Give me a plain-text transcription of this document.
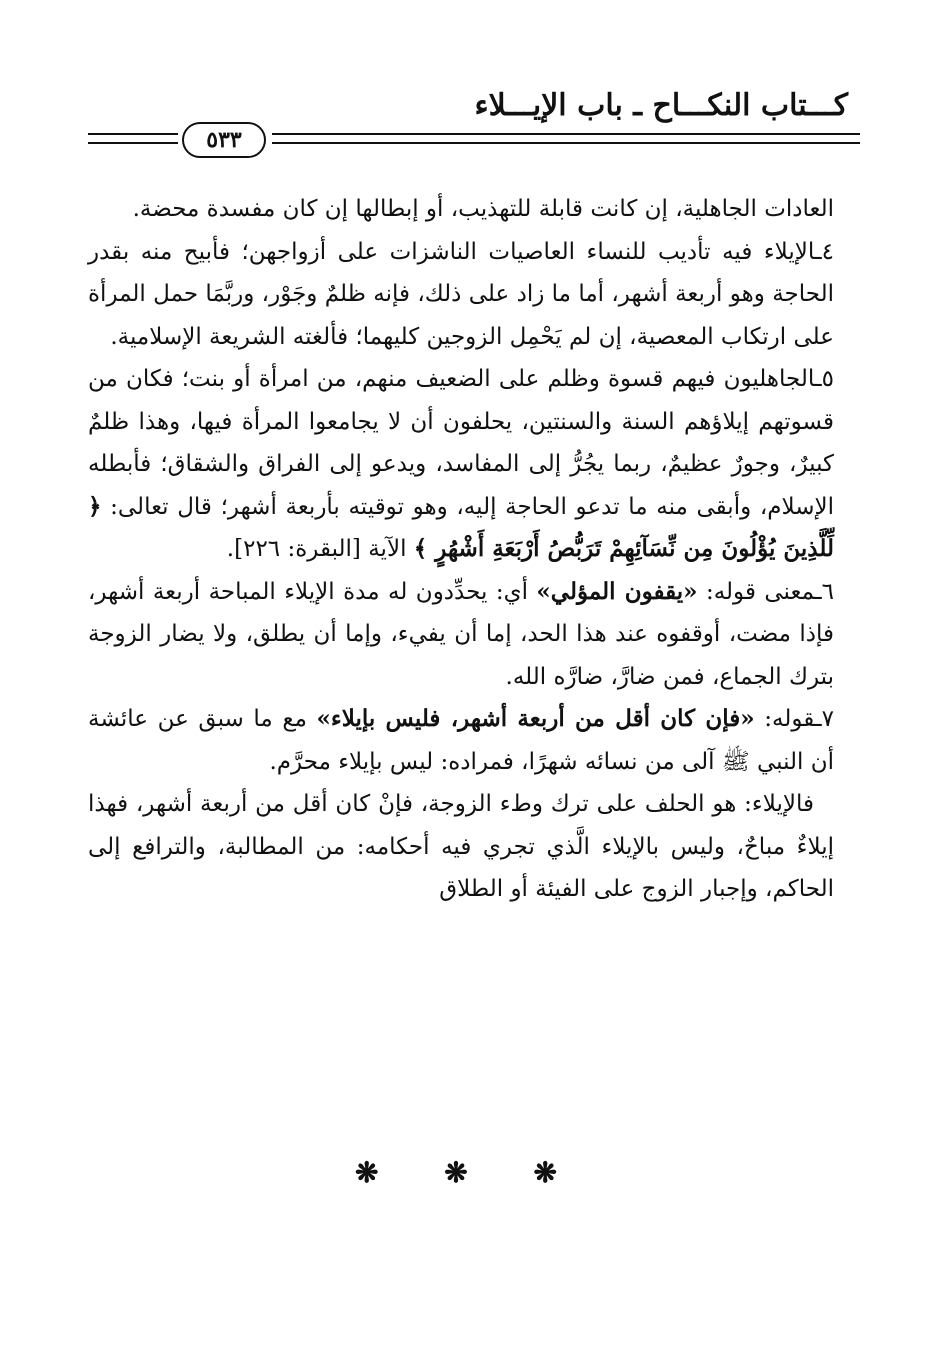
كـــتاب النكـــاح ـ باب الإيـــلاء
٥٣٣

العادات الجاهلية، إن كانت قابلة للتهذيب، أو إبطالها إن كان مفسدة محضة.

٤ـالإيلاء فيه تأديب للنساء العاصيات الناشزات على أزواجهن؛ فأبيح منه بقدر الحاجة وهو أربعة أشهر، أما ما زاد على ذلك، فإنه ظلمٌ وجَوْر، وربَّمَا حمل المرأة على ارتكاب المعصية، إن لم يَحْمِل الزوجين كليهما؛ فألغته الشريعة الإسلامية.

٥ـالجاهليون فيهم قسوة وظلم على الضعيف منهم، من امرأة أو بنت؛ فكان من قسوتهم إيلاؤهم السنة والسنتين، يحلفون أن لا يجامعوا المرأة فيها، وهذا ظلمٌ كبيرٌ، وجورٌ عظيمٌ، ربما يجُرُّ إلى المفاسد، ويدعو إلى الفراق والشقاق؛ فأبطله الإسلام، وأبقى منه ما تدعو الحاجة إليه، وهو توقيته بأربعة أشهر؛ قال تعالى: ﴿ لِّلَّذِينَ يُؤْلُونَ مِن نِّسَآئِهِمْ تَرَبُّصُ أَرْبَعَةِ أَشْهُرٍ ﴾ الآية [البقرة: ٢٢٦].

٦ـمعنى قوله: «يقفون المؤلي» أي: يحدِّدون له مدة الإيلاء المباحة أربعة أشهر، فإذا مضت، أوقفوه عند هذا الحد، إما أن يفيء، وإما أن يطلق، ولا يضار الزوجة بترك الجماع، فمن ضارَّ، ضارَّه الله.

٧ـقوله: «فإن كان أقل من أربعة أشهر، فليس بإيلاء» مع ما سبق عن عائشة أن النبي ﷺ آلى من نسائه شهرًا، فمراده: ليس بإيلاء محرَّم.

فالإيلاء: هو الحلف على ترك وطء الزوجة، فإنْ كان أقل من أربعة أشهر، فهذا إيلاءٌ مباحٌ، وليس بالإيلاء الَّذي تجري فيه أحكامه: من المطالبة، والترافع إلى الحاكم، وإجبار الزوج على الفيئة أو الطلاق

❋ ❋ ❋
